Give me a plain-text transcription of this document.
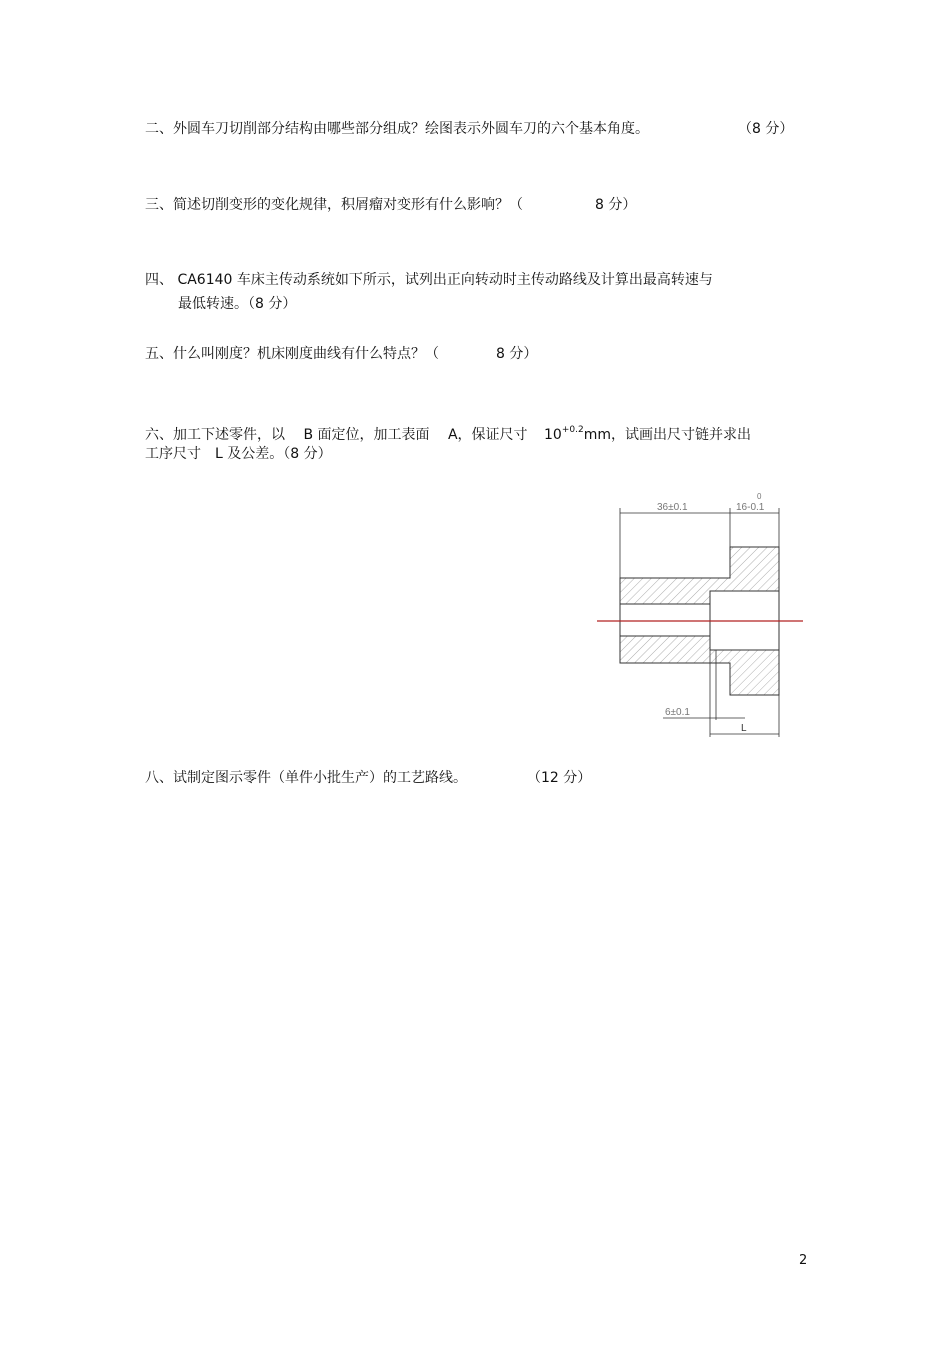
二、外圆车刀切削部分结构由哪些部分组成？绘图表示外圆车刀的六个基本角度。	（8 分）
三、简述切削变形的变化规律，积屑瘤对变形有什么影响？（	8 分）
四、 CA6140 车床主传动系统如下所示，试列出正向转动时主传动路线及计算出最高转速与
最低转速。（8 分）
五、什么叫刚度？机床刚度曲线有什么特点？（	8 分）
六、加工下述零件，以 B 面定位，加工表面 A，保证尺寸 $10^{+0.2}mm$，试画出尺寸链并求出
工序尺寸　L 及公差。（8 分）
36±0.1	16-0.1
0
6±0.1
L
八、试制定图示零件（单件小批生产）的工艺路线。	（12 分）
2
